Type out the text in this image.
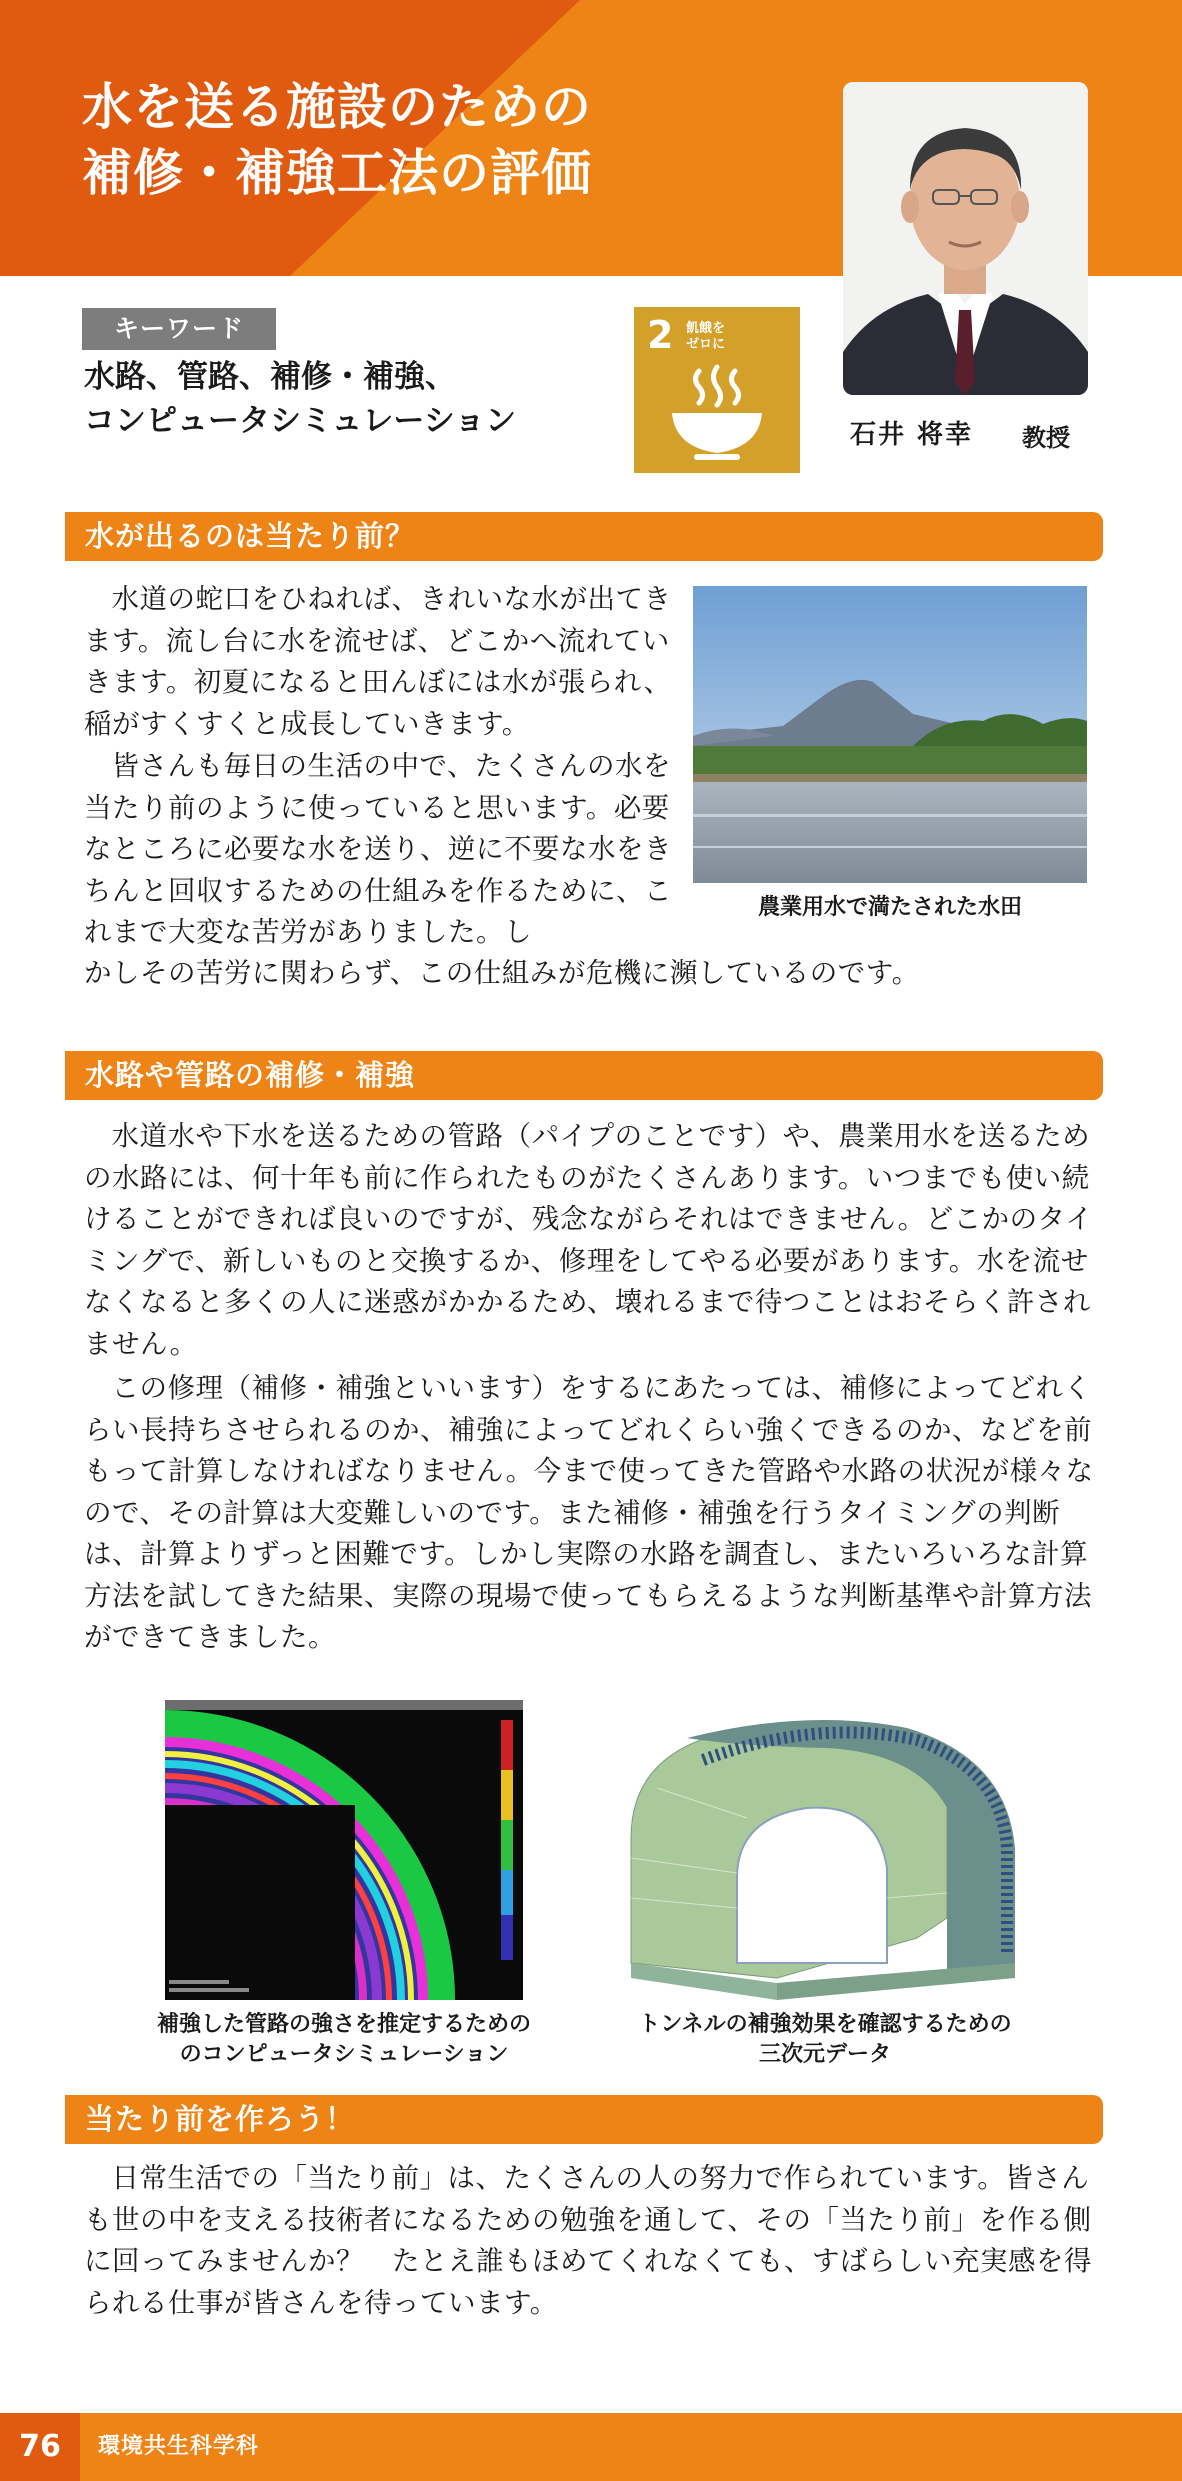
水を送る施設のための
補修・補強工法の評価
石井 将幸 教授
キーワード
水路、管路、補修・補強、
コンピュータシミュレーション
2 飢餓を
ゼロに
水が出るのは当たり前？

水道の蛇口をひねれば、きれいな水が出てきます。流し台に水を流せば、どこかへ流れていきます。初夏になると田んぼには水が張られ、稲がすくすくと成長していきます。

皆さんも毎日の生活の中で、たくさんの水を当たり前のように使っていると思います。必要なところに必要な水を送り、逆に不要な水をきちんと回収するための仕組みを作るために、これまで大変な苦労がありました。し

かしその苦労に関わらず、この仕組みが危機に瀕しているのです。

農業用水で満たされた水田
水路や管路の補修・補強

水道水や下水を送るための管路（パイプのことです）や、農業用水を送るための水路には、何十年も前に作られたものがたくさんあります。いつまでも使い続けることができれば良いのですが、残念ながらそれはできません。どこかのタイミングで、新しいものと交換するか、修理をしてやる必要があります。水を流せなくなると多くの人に迷惑がかかるため、壊れるまで待つことはおそらく許されません。

この修理（補修・補強といいます）をするにあたっては、補修によってどれくらい長持ちさせられるのか、補強によってどれくらい強くできるのか、などを前もって計算しなければなりません。今まで使ってきた管路や水路の状況が様々なので、その計算は大変難しいのです。また補修・補強を行うタイミングの判断は、計算よりずっと困難です。しかし実際の水路を調査し、またいろいろな計算方法を試してきた結果、実際の現場で使ってもらえるような判断基準や計算方法ができてきました。

補強した管路の強さを推定するための
のコンピュータシミュレーション
トンネルの補強効果を確認するための
三次元データ
当たり前を作ろう！

日常生活での「当たり前」は、たくさんの人の努力で作られています。皆さんも世の中を支える技術者になるための勉強を通して、その「当たり前」を作る側に回ってみませんか？　たとえ誰もほめてくれなくても、すばらしい充実感を得られる仕事が皆さんを待っています。

76	環境共生科学科
